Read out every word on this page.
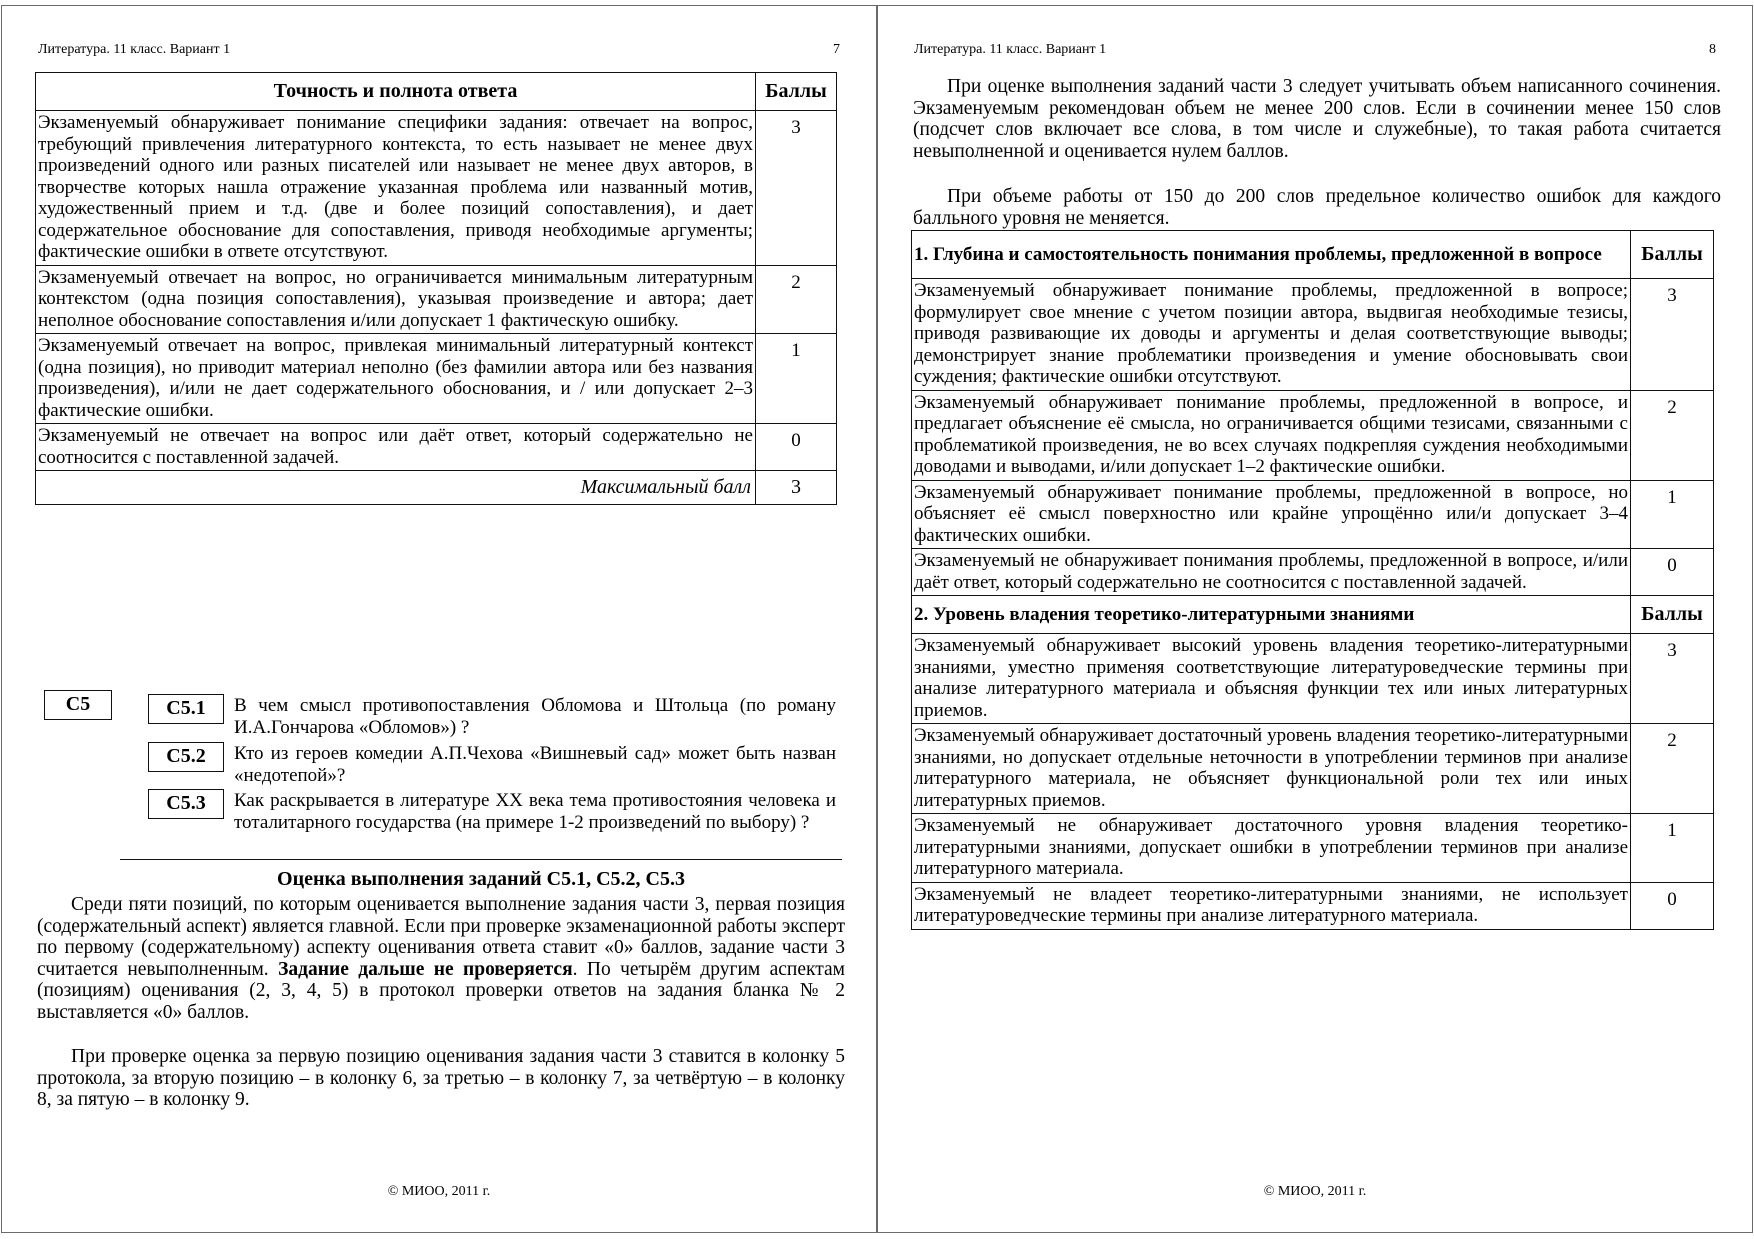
Литература. 11 класс. Вариант 1	7
Точность и полнота ответа	Баллы
Экзаменуемый обнаруживает понимание специфики задания: отвечает на вопрос, требующий привлечения литературного контекста, то есть называет не менее двух произведений одного или разных писателей или называет не менее двух авторов, в творчестве которых нашла отражение указанная проблема или названный мотив, художественный прием и т.д. (две и более позиций сопоставления), и дает содержательное обоснование для сопоставления, приводя необходимые аргументы; фактические ошибки в ответе отсутствуют.	3
Экзаменуемый отвечает на вопрос, но ограничивается минимальным литературным контекстом (одна позиция сопоставления), указывая произведение и автора; дает неполное обоснование сопоставления и/или допускает 1 фактическую ошибку.	2
Экзаменуемый отвечает на вопрос, привлекая минимальный литературный контекст (одна позиция), но приводит материал неполно (без фамилии автора или без названия произведения), и/или не дает содержательного обоснования, и / или допускает 2–3 фактические ошибки.	1
Экзаменуемый не отвечает на вопрос или даёт ответ, который содержательно не соотносится с поставленной задачей.	0
Максимальный балл	3
С5	С5.1	В чем смысл противопоставления Обломова и Штольца (по роману И.А.Гончарова «Обломов») ?
С5.2	Кто из героев комедии А.П.Чехова «Вишневый сад» может быть назван «недотепой»?
С5.3	Как раскрывается в литературе XX века тема противостояния человека и тоталитарного государства (на примере 1-2 произведений по выбору) ?
Оценка выполнения заданий С5.1, С5.2, С5.3
Среди пяти позиций, по которым оценивается выполнение задания части 3, первая позиция (содержательный аспект) является главной. Если при проверке экзаменационной работы эксперт по первому (содержательному) аспекту оценивания ответа ставит «0» баллов, задание части 3 считается невыполненным. Задание дальше не проверяется. По четырём другим аспектам (позициям) оценивания (2, 3, 4, 5) в протокол проверки ответов на задания бланка № 2 выставляется «0» баллов.
При проверке оценка за первую позицию оценивания задания части 3 ставится в колонку 5 протокола, за вторую позицию – в колонку 6, за третью – в колонку 7, за четвёртую – в колонку 8, за пятую – в колонку 9.
© МИОО, 2011 г.
Литература. 11 класс. Вариант 1	8
При оценке выполнения заданий части 3 следует учитывать объем написанного сочинения. Экзаменуемым рекомендован объем не менее 200 слов. Если в сочинении менее 150 слов (подсчет слов включает все слова, в том числе и служебные), то такая работа считается невыполненной и оценивается нулем баллов.
При объеме работы от 150 до 200 слов предельное количество ошибок для каждого балльного уровня не меняется.
1. Глубина и самостоятельность понимания проблемы, предложенной в вопросе	Баллы
Экзаменуемый обнаруживает понимание проблемы, предложенной в вопросе; формулирует свое мнение с учетом позиции автора, выдвигая необходимые тезисы, приводя развивающие их доводы и аргументы и делая соответствующие выводы; демонстрирует знание проблематики произведения и умение обосновывать свои суждения; фактические ошибки отсутствуют.	3
Экзаменуемый обнаруживает понимание проблемы, предложенной в вопросе, и предлагает объяснение её смысла, но ограничивается общими тезисами, связанными с проблематикой произведения, не во всех случаях подкрепляя суждения необходимыми доводами и выводами, и/или допускает 1–2 фактические ошибки.	2
Экзаменуемый обнаруживает понимание проблемы, предложенной в вопросе, но объясняет её смысл поверхностно или крайне упрощённо или/и допускает 3–4 фактических ошибки.	1
Экзаменуемый не обнаруживает понимания проблемы, предложенной в вопросе, и/или даёт ответ, который содержательно не соотносится с поставленной задачей.	0
2. Уровень владения теоретико-литературными знаниями	Баллы
Экзаменуемый обнаруживает высокий уровень владения теоретико-литературными знаниями, уместно применяя соответствующие литературоведческие термины при анализе литературного материала и объясняя функции тех или иных литературных приемов.	3
Экзаменуемый обнаруживает достаточный уровень владения теоретико-литературными знаниями, но допускает отдельные неточности в употреблении терминов при анализе литературного материала, не объясняет функциональной роли тех или иных литературных приемов.	2
Экзаменуемый не обнаруживает достаточного уровня владения теоретико-литературными знаниями, допускает ошибки в употреблении терминов при анализе литературного материала.	1
Экзаменуемый не владеет теоретико-литературными знаниями, не использует литературоведческие термины при анализе литературного материала.	0
© МИОО, 2011 г.
